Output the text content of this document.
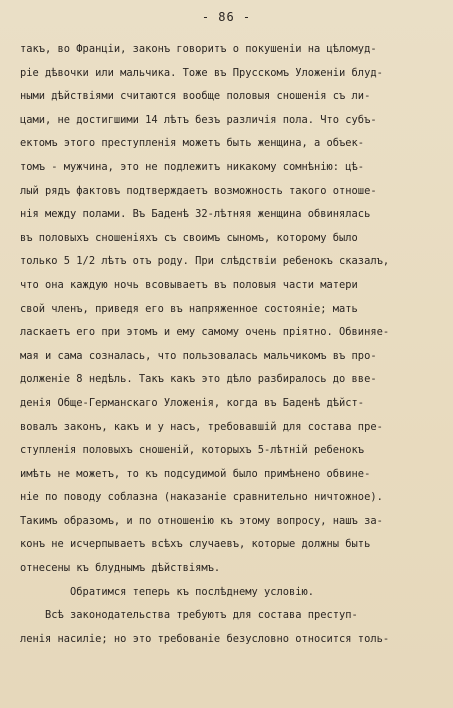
- 86 -
такъ, во Франціи, законъ говоритъ о покушеніи на цѣломуд-
ріе дѣвочки или мальчика. Тоже въ Прусскомъ Уложеніи блуд-
ными дѣйствіями считаются вообще половыя сношенія съ ли-
цами, не достигшими 14 лѣтъ безъ различія пола. Что субъ-
ектомъ этого преступленія можетъ быть женщина, а объек-
томъ - мужчина, это не подлежитъ никакому сомнѣнію: цѣ-
лый рядъ фактовъ подтверждаетъ возможность такого отноше-
нія между полами. Въ Баденѣ 32-лѣтняя женщина обвинялась
въ половыхъ сношеніяхъ съ своимъ сыномъ, которому было
только 5 1/2 лѣтъ отъ роду. При слѣдствіи ребенокъ сказалъ,
что она каждую ночь всовываетъ въ половыя части матери
свой членъ, приведя его въ напряженное состояніе; мать
ласкаетъ его при этомъ и ему самому очень пріятно. Обвиняе-
мая и сама созналась, что пользовалась мальчикомъ въ про-
долженіе 8 недѣль. Такъ какъ это дѣло разбиралось до вве-
денія Обще-Германскаго Уложенія, когда въ Баденѣ дѣйст-
вовалъ законъ, какъ и у насъ, требовавшій для состава пре-
ступленія половыхъ сношеній, которыхъ 5-лѣтній ребенокъ
имѣть не можетъ, то къ подсудимой было примѣнено обвине-
ніе по поводу соблазна (наказаніе сравнительно ничтожное).
Такимъ образомъ, и по отношенію къ этому вопросу, нашъ за-
конъ не исчерпываетъ всѣхъ случаевъ, которые должны быть
отнесены къ блуднымъ дѣйствіямъ.
Обратимся теперь къ послѣднему условію.
Всѣ законодательства требуютъ для состава преступ-
ленія насиліе; но это требованіе безусловно относится толь-
